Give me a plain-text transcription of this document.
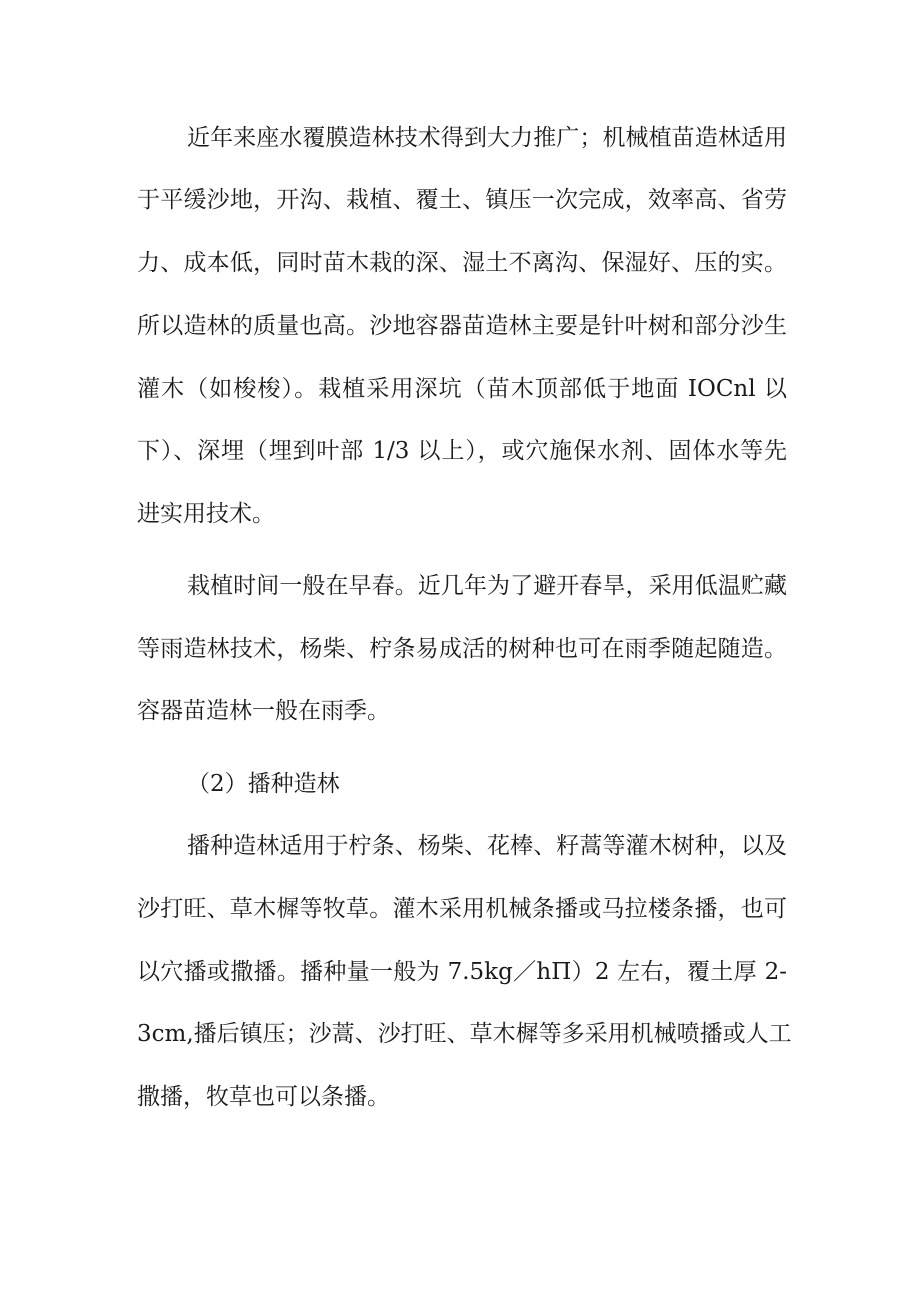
近年来座水覆膜造林技术得到大力推广；机械植苗造林适用
于平缓沙地，开沟、栽植、覆土、镇压一次完成，效率高、省劳
力、成本低，同时苗木栽的深、湿土不离沟、保湿好、压的实。
所以造林的质量也高。沙地容器苗造林主要是针叶树和部分沙生
灌木（如梭梭）。栽植采用深坑（苗木顶部低于地面 IOCnl 以
下）、深埋（埋到叶部 1/3 以上），或穴施保水剂、固体水等先
进实用技术。
栽植时间一般在早春。近几年为了避开春旱，采用低温贮藏
等雨造林技术，杨柴、柠条易成活的树种也可在雨季随起随造。
容器苗造林一般在雨季。
（2）播种造林
播种造林适用于柠条、杨柴、花棒、籽蒿等灌木树种，以及
沙打旺、草木樨等牧草。灌木采用机械条播或马拉楼条播，也可
以穴播或撒播。播种量一般为 7.5kg／hΠ）2 左右，覆土厚 2-
3cm,播后镇压；沙蒿、沙打旺、草木樨等多采用机械喷播或人工
撒播，牧草也可以条播。
